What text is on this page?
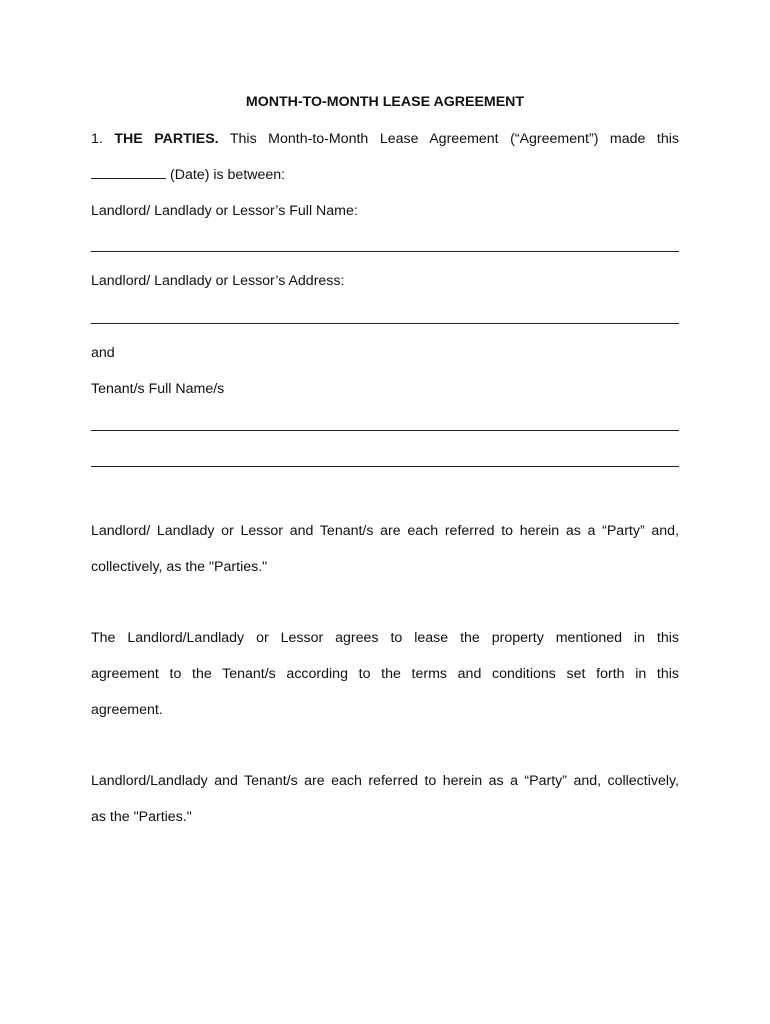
MONTH-TO-MONTH LEASE AGREEMENT

1. THE PARTIES. This Month-to-Month Lease Agreement (“Agreement”) made this

(Date) is between:

Landlord/ Landlady or Lessor’s Full Name:

Landlord/ Landlady or Lessor’s Address:

and

Tenant/s Full Name/s

Landlord/ Landlady or Lessor and Tenant/s are each referred to herein as a “Party” and,

collectively, as the "Parties."

The Landlord/Landlady or Lessor agrees to lease the property mentioned in this

agreement to the Tenant/s according to the terms and conditions set forth in this

agreement.

Landlord/Landlady and Tenant/s are each referred to herein as a “Party” and, collectively,

as the "Parties."
